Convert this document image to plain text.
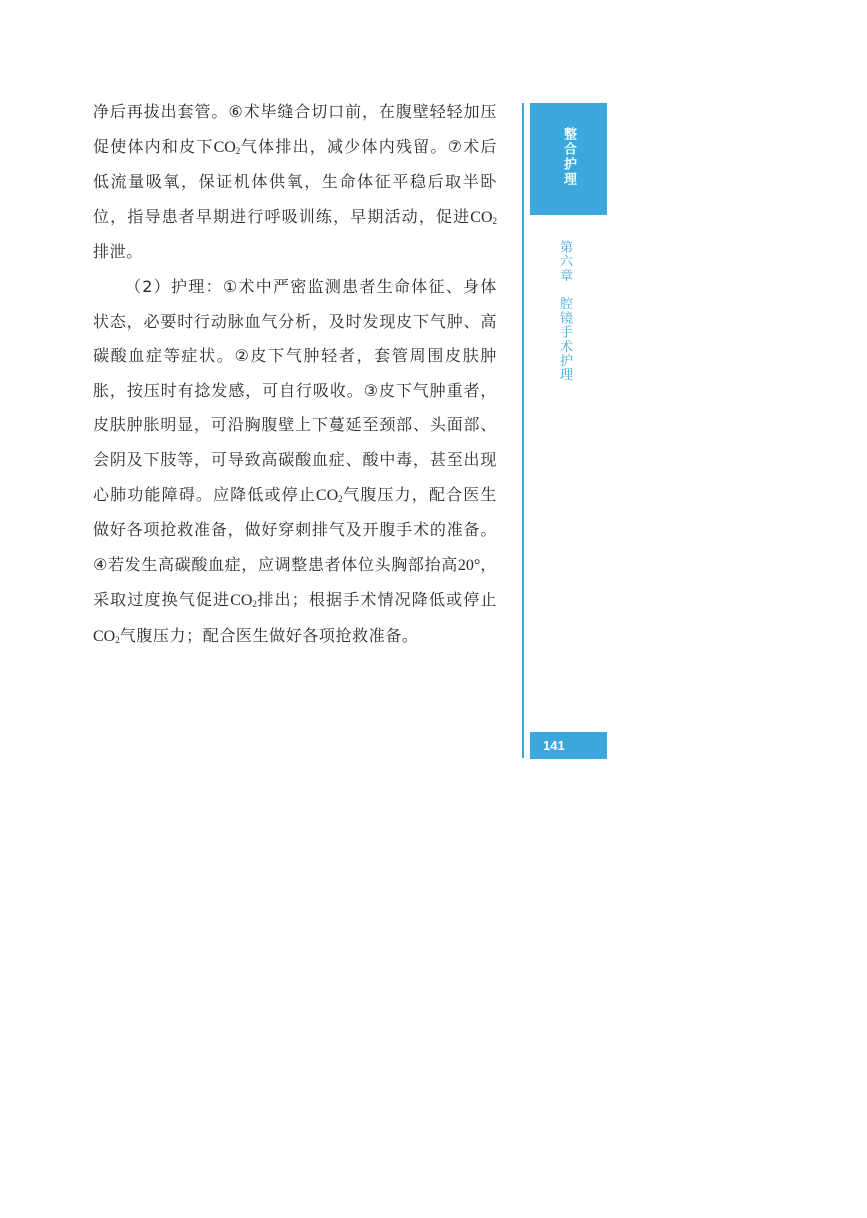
净后再拔出套管。⑥术毕缝合切口前，在腹壁轻轻加压促使体内和皮下$CO_2$气体排出，减少体内残留。⑦术后低流量吸氧，保证机体供氧，生命体征平稳后取半卧位，指导患者早期进行呼吸训练，早期活动，促进$CO_2$排泄。

（2）护理：①术中严密监测患者生命体征、身体状态，必要时行动脉血气分析，及时发现皮下气肿、高碳酸血症等症状。②皮下气肿轻者，套管周围皮肤肿胀，按压时有捻发感，可自行吸收。③皮下气肿重者，皮肤肿胀明显，可沿胸腹壁上下蔓延至颈部、头面部、会阴及下肢等，可导致高碳酸血症、酸中毒，甚至出现心肺功能障碍。应降低或停止$CO_2$气腹压力，配合医生做好各项抢救准备，做好穿刺排气及开腹手术的准备。④若发生高碳酸血症，应调整患者体位头胸部抬高20°，采取过度换气促进$CO_2$排出；根据手术情况降低或停止$CO_2$气腹压力；配合医生做好各项抢救准备。

整合护理
第六章　腔镜手术护理
141
